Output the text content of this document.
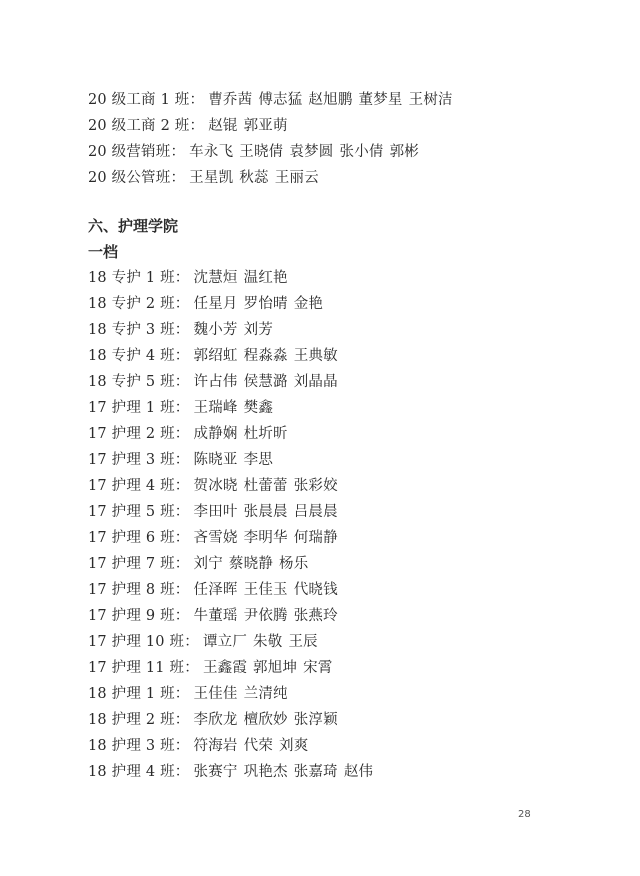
20 级工商 1 班： 曹乔茜 傅志猛 赵旭鹏 董梦星 王树洁
20 级工商 2 班： 赵锟 郭亚萌
20 级营销班： 车永飞 王晓倩 袁梦圆 张小倩 郭彬
20 级公管班： 王星凯 秋蕊 王丽云
六、护理学院
一档
18 专护 1 班： 沈慧烜 温红艳
18 专护 2 班： 任星月 罗怡晴 金艳
18 专护 3 班： 魏小芳 刘芳
18 专护 4 班： 郭绍虹 程淼淼 王典敏
18 专护 5 班： 许占伟 侯慧潞 刘晶晶
17 护理 1 班： 王瑞峰 樊鑫
17 护理 2 班： 成静娴 杜圻昕
17 护理 3 班： 陈晓亚 李思
17 护理 4 班： 贺冰晓 杜蕾蕾 张彩姣
17 护理 5 班： 李田叶 张晨晨 吕晨晨
17 护理 6 班： 吝雪娆 李明华 何瑞静
17 护理 7 班： 刘宁 蔡晓静 杨乐
17 护理 8 班： 任泽晖 王佳玉 代晓钱
17 护理 9 班： 牛董瑶 尹依腾 张燕玲
17 护理 10 班： 谭立厂 朱敬 王辰
17 护理 11 班： 王鑫霞 郭旭坤 宋霄
18 护理 1 班： 王佳佳 兰清纯
18 护理 2 班： 李欣龙 檀欣妙 张淳颖
18 护理 3 班： 符海岩 代荣 刘爽
18 护理 4 班： 张赛宁 巩艳杰 张嘉琦 赵伟
28
